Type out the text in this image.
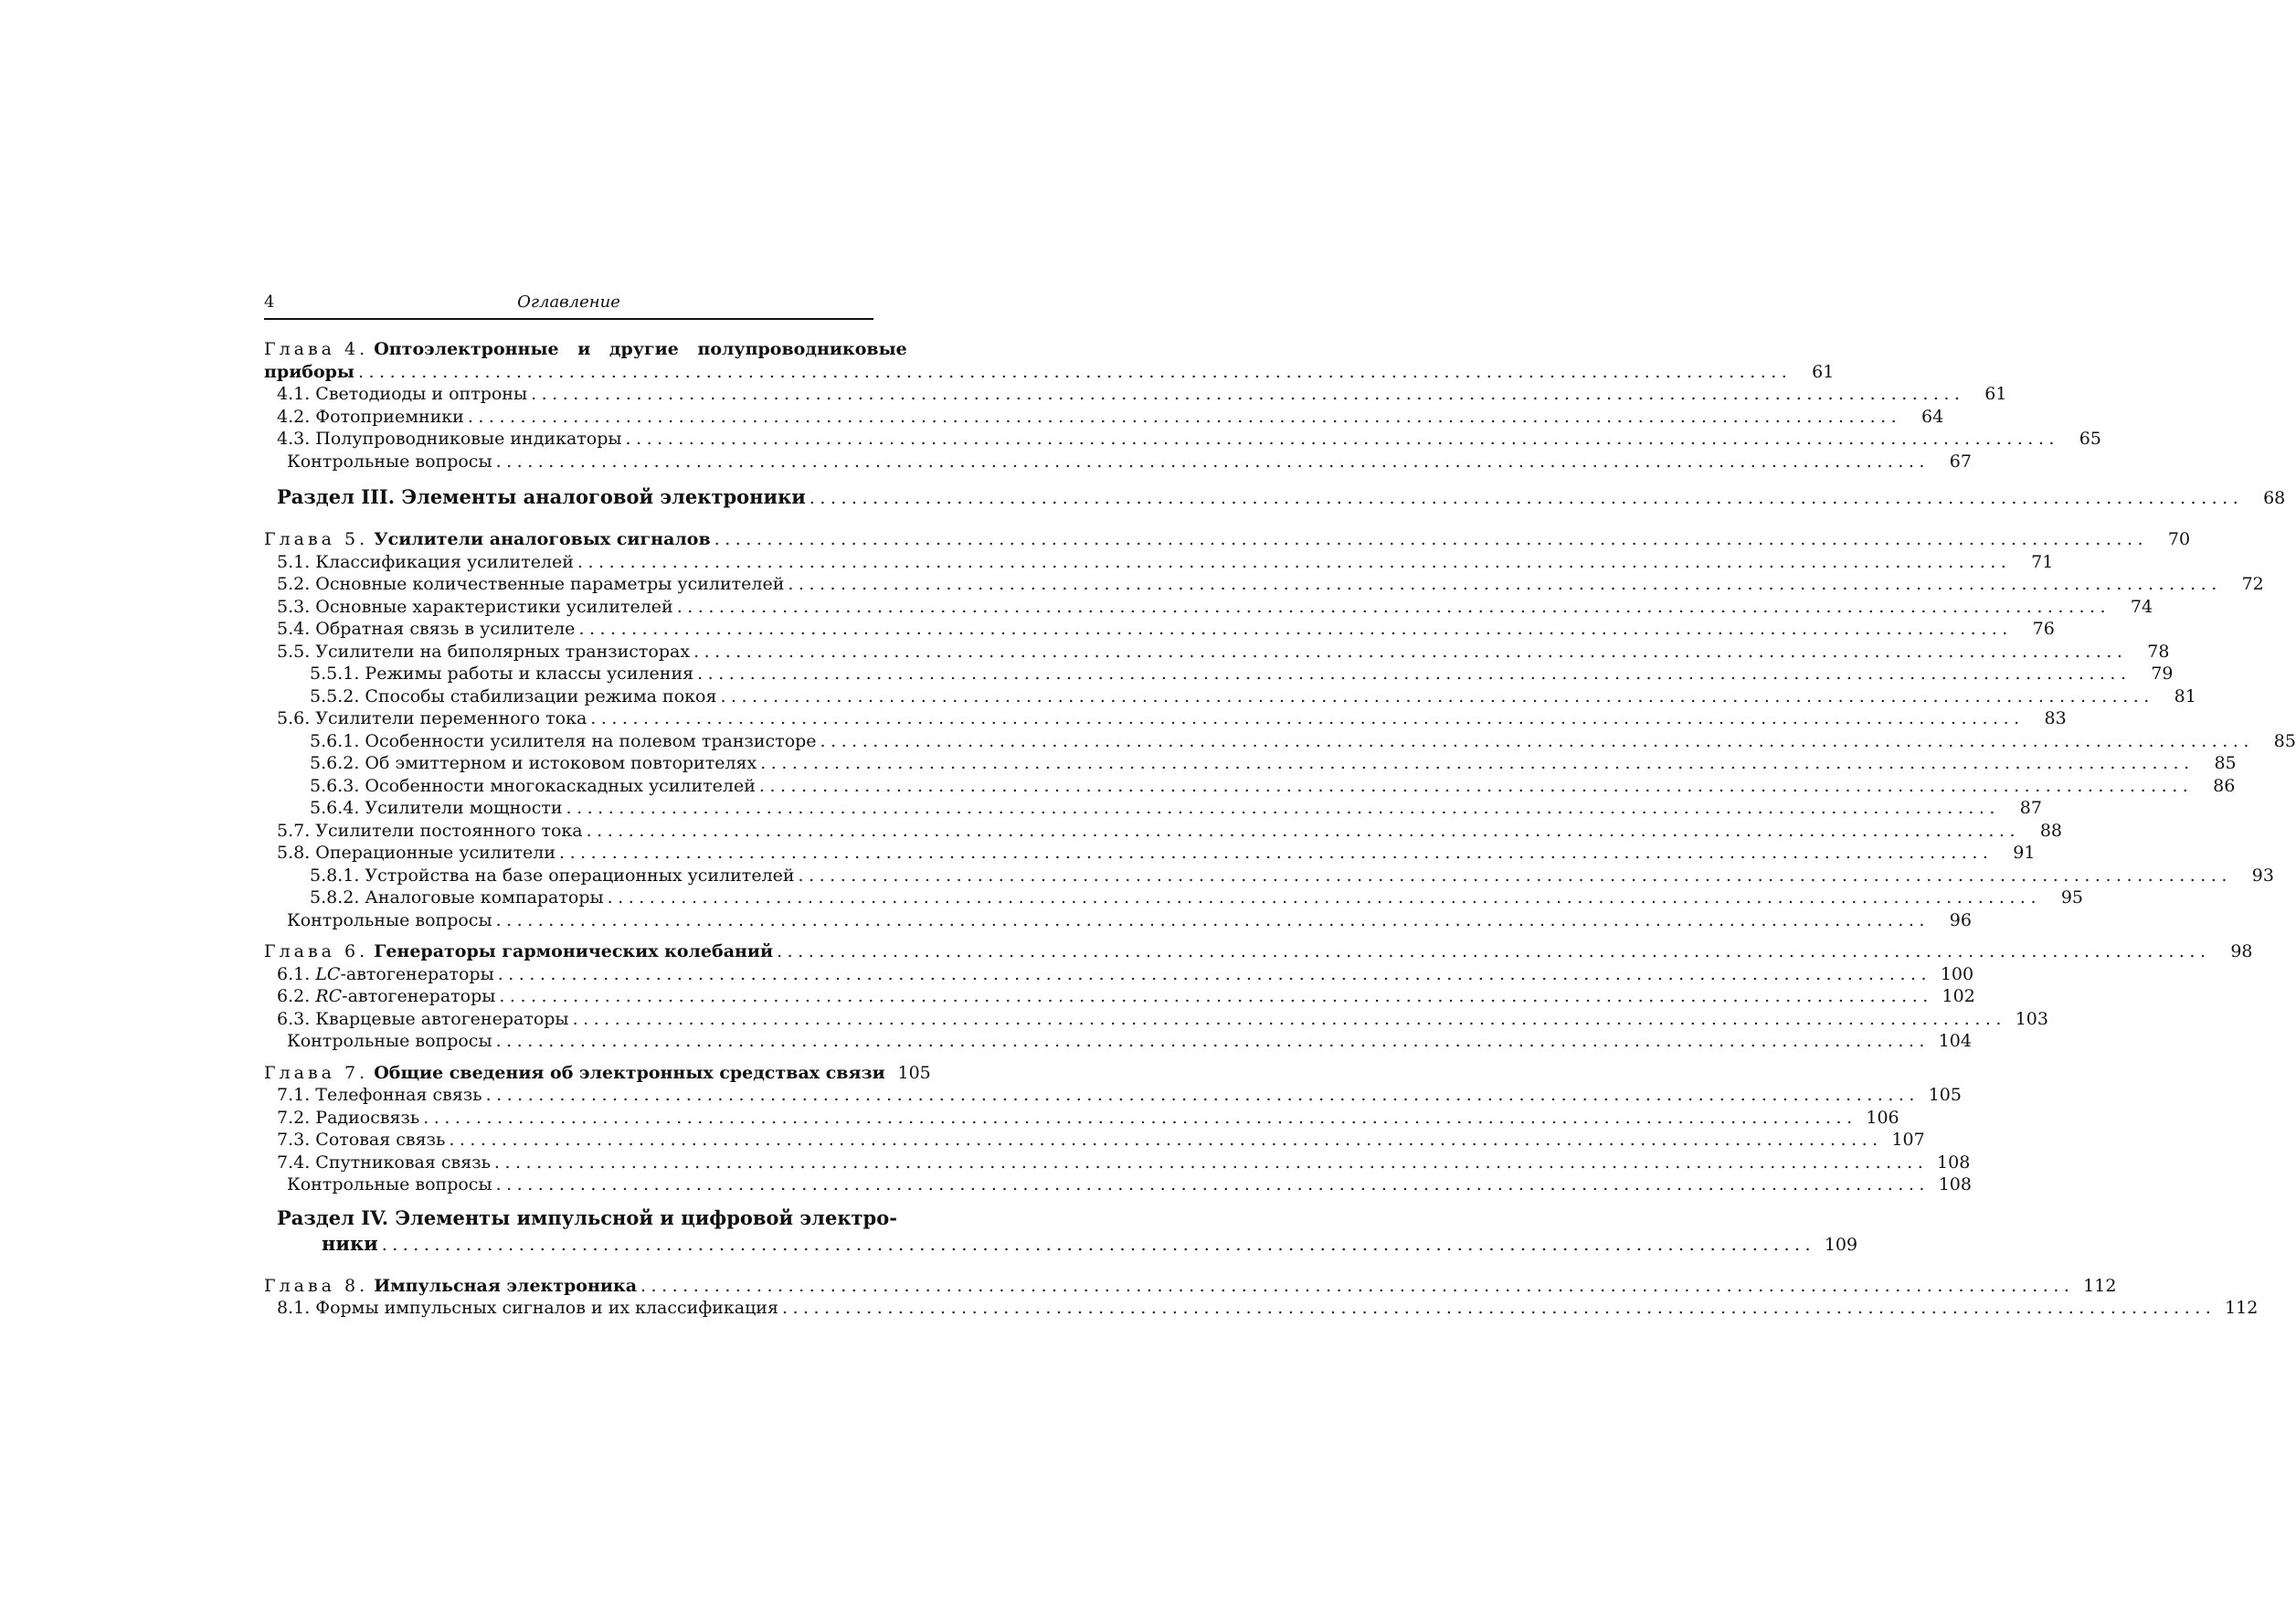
4	Оглавление
Глава 4. Оптоэлектронные и другие полупроводниковые
приборы ........................................................................................................................................	61
4.1. Светодиоды и оптроны ........................................................................................................................................	61
4.2. Фотоприемники ........................................................................................................................................	64
4.3. Полупроводниковые индикаторы ........................................................................................................................................	65
Контрольные вопросы ........................................................................................................................................	67
Раздел III. Элементы аналоговой электроники ........................................................................................................................................	68
Глава 5. Усилители аналоговых сигналов ........................................................................................................................................	70
5.1. Классификация усилителей ........................................................................................................................................	71
5.2. Основные количественные параметры усилителей ........................................................................................................................................	72
5.3. Основные характеристики усилителей ........................................................................................................................................	74
5.4. Обратная связь в усилителе ........................................................................................................................................	76
5.5. Усилители на биполярных транзисторах ........................................................................................................................................	78
5.5.1. Режимы работы и классы усиления ........................................................................................................................................	79
5.5.2. Способы стабилизации режима покоя ........................................................................................................................................	81
5.6. Усилители переменного тока ........................................................................................................................................	83
5.6.1. Особенности усилителя на полевом транзисторе ........................................................................................................................................	85
5.6.2. Об эмиттерном и истоковом повторителях ........................................................................................................................................	85
5.6.3. Особенности многокаскадных усилителей ........................................................................................................................................	86
5.6.4. Усилители мощности ........................................................................................................................................	87
5.7. Усилители постоянного тока ........................................................................................................................................	88
5.8. Операционные усилители ........................................................................................................................................	91
5.8.1. Устройства на базе операционных усилителей ........................................................................................................................................	93
5.8.2. Аналоговые компараторы ........................................................................................................................................	95
Контрольные вопросы ........................................................................................................................................	96
Глава 6. Генераторы гармонических колебаний ........................................................................................................................................	98
6.1. LC-автогенераторы ........................................................................................................................................ 100
6.2. RC-автогенераторы ........................................................................................................................................ 102
6.3. Кварцевые автогенераторы ........................................................................................................................................ 103
Контрольные вопросы ........................................................................................................................................ 104
Глава 7. Общие сведения об электронных средствах связи 105
7.1. Телефонная связь ........................................................................................................................................ 105
7.2. Радиосвязь ........................................................................................................................................ 106
7.3. Сотовая связь ........................................................................................................................................ 107
7.4. Спутниковая связь ........................................................................................................................................ 108
Контрольные вопросы ........................................................................................................................................ 108
Раздел IV. Элементы импульсной и цифровой электро-
ники ........................................................................................................................................ 109
Глава 8. Импульсная электроника ........................................................................................................................................ 112
8.1. Формы импульсных сигналов и их классификация ........................................................................................................................................ 112
